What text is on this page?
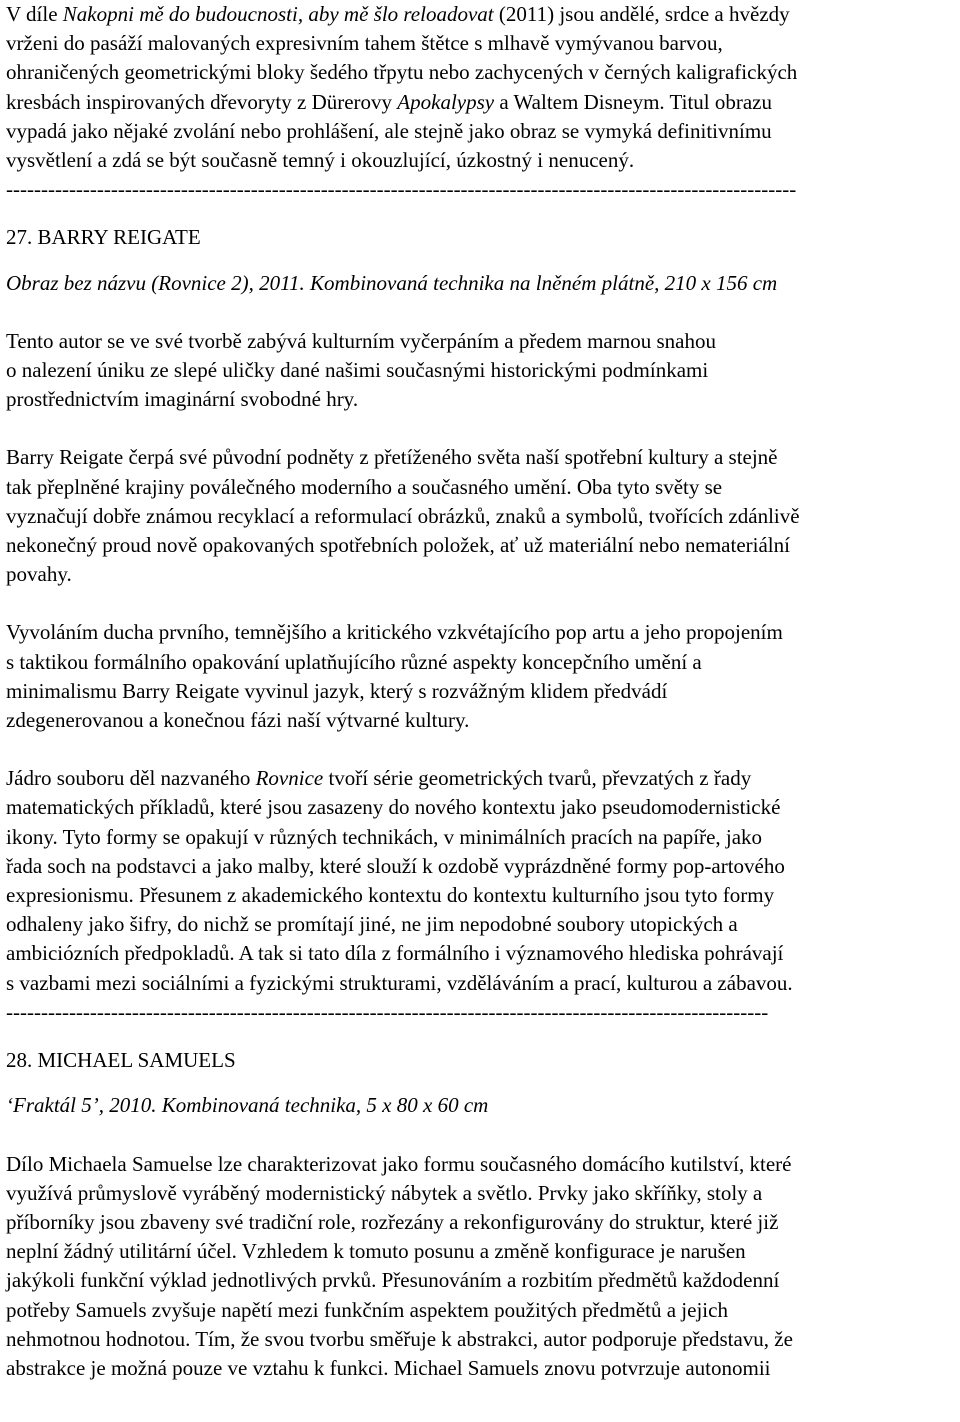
V díle Nakopni mě do budoucnosti, aby mě šlo reloadovat (2011) jsou andělé, srdce a hvězdy
vrženi do pasáží malovaných expresivním tahem štětce s mlhavě vymývanou barvou,
ohraničených geometrickými bloky šedého třpytu nebo zachycených v černých kaligrafických
kresbách inspirovaných dřevoryty z Dürerovy Apokalypsy a Waltem Disneym. Titul obrazu
vypadá jako nějaké zvolání nebo prohlášení, ale stejně jako obraz se vymyká definitivnímu
vysvětlení a zdá se být současně temný i okouzlující, úzkostný i nenucený.

-----------------------------------------------------------------------------------------------------------------

27. BARRY REIGATE

Obraz bez názvu (Rovnice 2), 2011. Kombinovaná technika na lněném plátně, 210 x 156 cm

Tento autor se ve své tvorbě zabývá kulturním vyčerpáním a předem marnou snahou
o nalezení úniku ze slepé uličky dané našimi současnými historickými podmínkami
prostřednictvím imaginární svobodné hry.

Barry Reigate čerpá své původní podněty z přetíženého světa naší spotřební kultury a stejně
tak přeplněné krajiny poválečného moderního a současného umění. Oba tyto světy se
vyznačují dobře známou recyklací a reformulací obrázků, znaků a symbolů, tvořících zdánlivě
nekonečný proud nově opakovaných spotřebních položek, ať už materiální nebo nemateriální
povahy.

Vyvoláním ducha prvního, temnějšího a kritického vzkvétajícího pop artu a jeho propojením
s taktikou formálního opakování uplatňujícího různé aspekty koncepčního umění a
minimalismu Barry Reigate vyvinul jazyk, který s rozvážným klidem předvádí
zdegenerovanou a konečnou fázi naší výtvarné kultury.

Jádro souboru děl nazvaného Rovnice tvoří série geometrických tvarů, převzatých z řady
matematických příkladů, které jsou zasazeny do nového kontextu jako pseudomodernistické
ikony. Tyto formy se opakují v různých technikách, v minimálních pracích na papíře, jako
řada soch na podstavci a jako malby, které slouží k ozdobě vyprázdněné formy pop-artového
expresionismu. Přesunem z akademického kontextu do kontextu kulturního jsou tyto formy
odhaleny jako šifry, do nichž se promítají jiné, ne jim nepodobné soubory utopických a
ambiciózních předpokladů. A tak si tato díla z formálního i významového hlediska pohrávají
s vazbami mezi sociálními a fyzickými strukturami, vzděláváním a prací, kulturou a zábavou.

-------------------------------------------------------------------------------------------------------------

28. MICHAEL SAMUELS

‘Fraktál 5’, 2010. Kombinovaná technika, 5 x 80 x 60 cm

Dílo Michaela Samuelse lze charakterizovat jako formu současného domácího kutilství, které
využívá průmyslově vyráběný modernistický nábytek a světlo. Prvky jako skříňky, stoly a
příborníky jsou zbaveny své tradiční role, rozřezány a rekonfigurovány do struktur, které již
neplní žádný utilitární účel. Vzhledem k tomuto posunu a změně konfigurace je narušen
jakýkoli funkční výklad jednotlivých prvků. Přesunováním a rozbitím předmětů každodenní
potřeby Samuels zvyšuje napětí mezi funkčním aspektem použitých předmětů a jejich
nehmotnou hodnotou. Tím, že svou tvorbu směřuje k abstrakci, autor podporuje představu, že
abstrakce je možná pouze ve vztahu k funkci. Michael Samuels znovu potvrzuje autonomii
